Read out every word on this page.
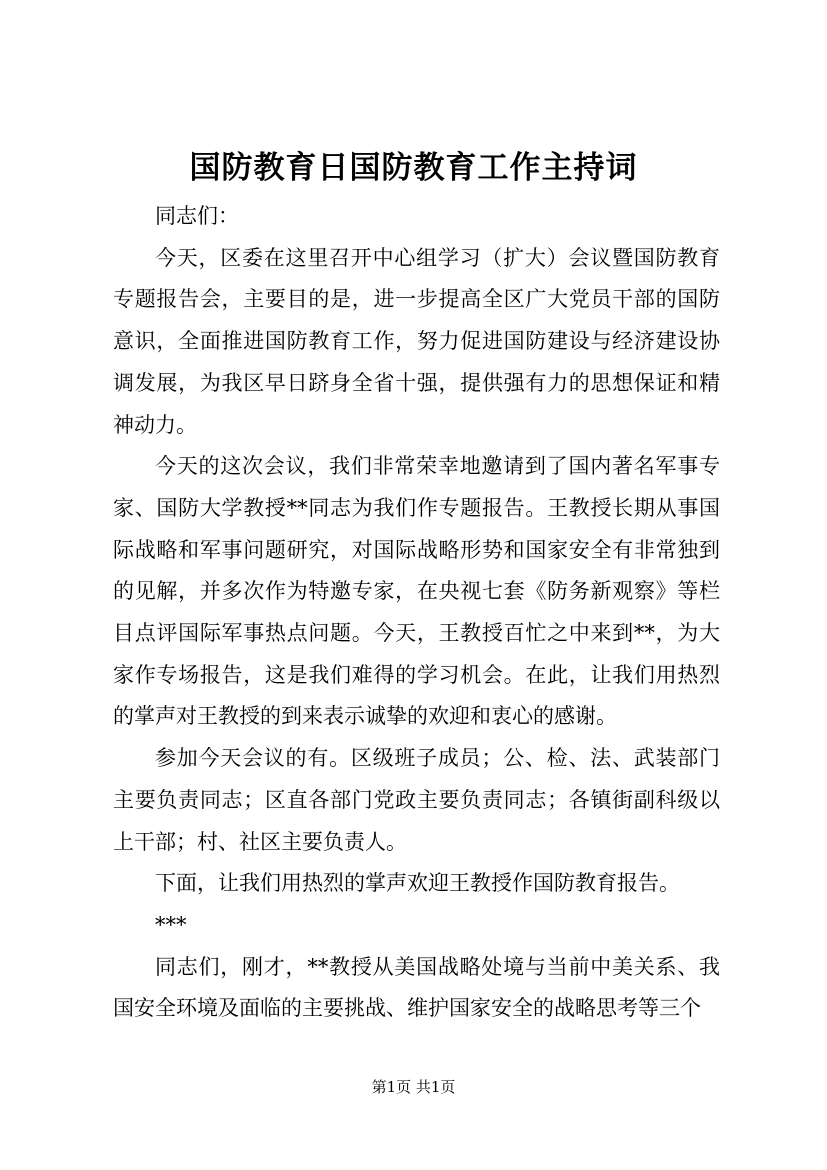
国防教育日国防教育工作主持词

同志们：

今天，区委在这里召开中心组学习（扩大）会议暨国防教育专题报告会，主要目的是，进一步提高全区广大党员干部的国防意识，全面推进国防教育工作，努力促进国防建设与经济建设协调发展，为我区早日跻身全省十强，提供强有力的思想保证和精神动力。

今天的这次会议，我们非常荣幸地邀请到了国内著名军事专家、国防大学教授**同志为我们作专题报告。王教授长期从事国际战略和军事问题研究，对国际战略形势和国家安全有非常独到的见解，并多次作为特邀专家，在央视七套《防务新观察》等栏目点评国际军事热点问题。今天，王教授百忙之中来到**，为大家作专场报告，这是我们难得的学习机会。在此，让我们用热烈的掌声对王教授的到来表示诚挚的欢迎和衷心的感谢。

参加今天会议的有。区级班子成员；公、检、法、武装部门主要负责同志；区直各部门党政主要负责同志；各镇街副科级以上干部；村、社区主要负责人。

下面，让我们用热烈的掌声欢迎王教授作国防教育报告。

***

同志们，刚才，**教授从美国战略处境与当前中美关系、我国安全环境及面临的主要挑战、维护国家安全的战略思考等三个

第1页 共1页
